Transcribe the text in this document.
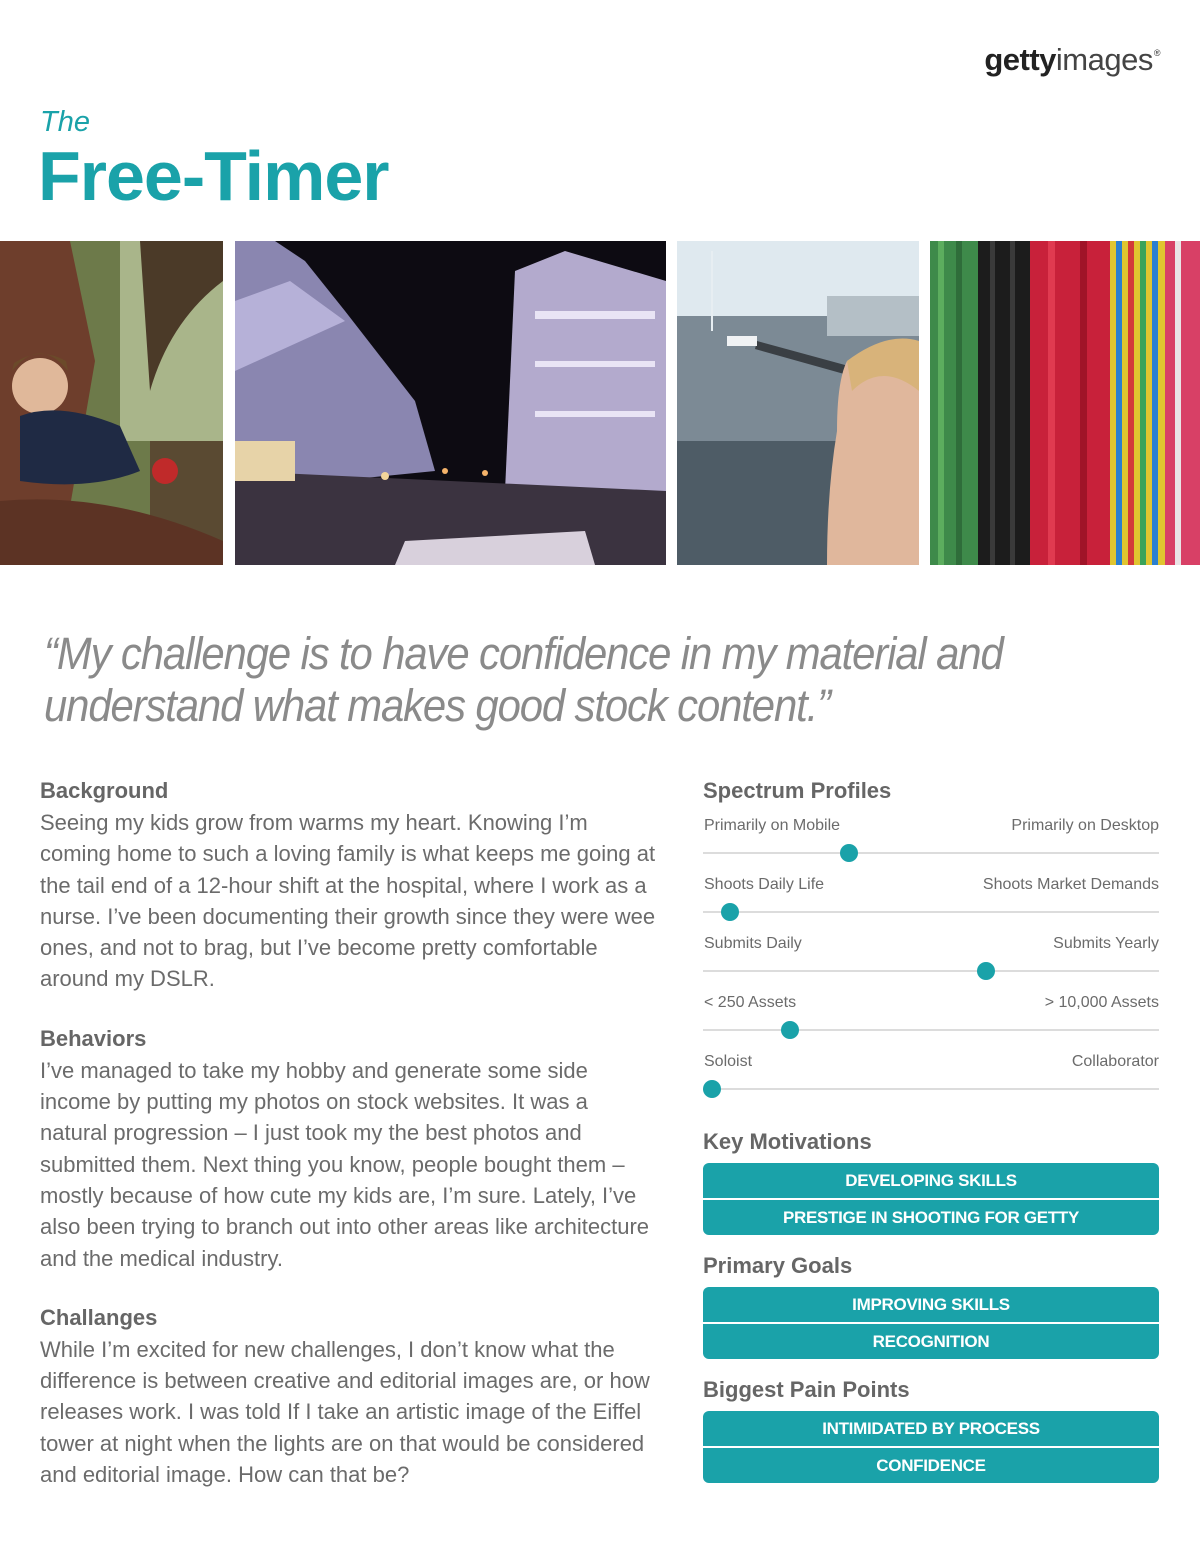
gettyimages®
The
Free-Timer
“My challenge is to have confidence in my material and understand what makes good stock content.”
Background

Seeing my kids grow from warms my heart. Knowing I’m coming home to such a loving family is what keeps me going at the tail end of a 12-hour shift at the hospital, where I work as a nurse. I’ve been documenting their growth since they were wee ones, and not to brag, but I’ve become pretty comfortable around my DSLR.

Behaviors

I’ve managed to take my hobby and generate some side income by putting my photos on stock websites. It was a natural progression – I just took my the best photos and submitted them. Next thing you know, people bought them – mostly because of how cute my kids are, I’m sure. Lately, I’ve also been trying to branch out into other areas like architecture and the medical industry.

Challanges

While I’m excited for new challenges, I don’t know what the difference is between creative and editorial images are, or how releases work. I was told If I take an artistic image of the Eiffel tower at night when the lights are on that would be considered and editorial image. How can that be?

Spectrum Profiles
Primarily on Mobile	Primarily on Desktop
Shoots Daily Life	Shoots Market Demands
Submits Daily	Submits Yearly
< 250 Assets	> 10,000 Assets
Soloist	Collaborator
Key Motivations
DEVELOPING SKILLS
PRESTIGE IN SHOOTING FOR GETTY
Primary Goals
IMPROVING SKILLS
RECOGNITION
Biggest Pain Points
INTIMIDATED BY PROCESS
CONFIDENCE
